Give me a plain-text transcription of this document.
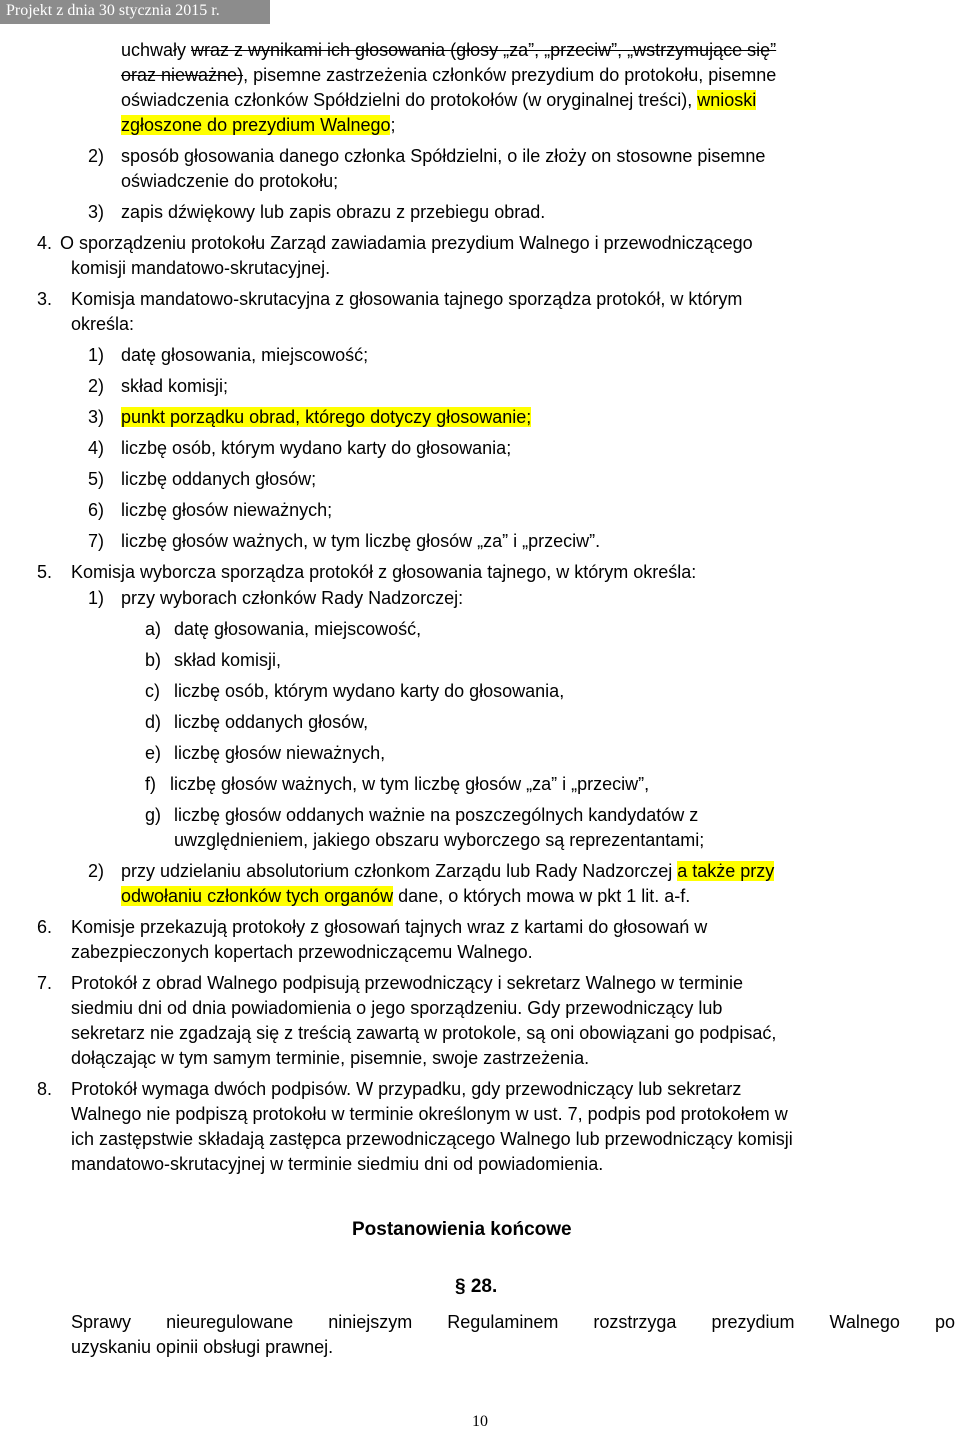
Projekt z dnia 30 stycznia 2015 r.
uchwały wraz z wynikami ich głosowania (głosy „za”, „przeciw”, „wstrzymujące się”
oraz nieważne), pisemne zastrzeżenia członków prezydium do protokołu, pisemne
oświadczenia członków Spółdzielni do protokołów (w oryginalnej treści), wnioski
zgłoszone do prezydium Walnego;
2) sposób głosowania danego członka Spółdzielni, o ile złoży on stosowne pisemne
oświadczenie do protokołu;
3) zapis dźwiękowy lub zapis obrazu z przebiegu obrad.
4. O sporządzeniu protokołu Zarząd zawiadamia prezydium Walnego i przewodniczącego
komisji mandatowo-skrutacyjnej.
3. Komisja mandatowo-skrutacyjna z głosowania tajnego sporządza protokół, w którym
określa:
1) datę głosowania, miejscowość;
2) skład komisji;
3) punkt porządku obrad, którego dotyczy głosowanie;
4) liczbę osób, którym wydano karty do głosowania;
5) liczbę oddanych głosów;
6) liczbę głosów nieważnych;
7) liczbę głosów ważnych, w tym liczbę głosów „za” i „przeciw”.
5. Komisja wyborcza sporządza protokół z głosowania tajnego, w którym określa:
1) przy wyborach członków Rady Nadzorczej:
a) datę głosowania, miejscowość,
b) skład komisji,
c) liczbę osób, którym wydano karty do głosowania,
d) liczbę oddanych głosów,
e) liczbę głosów nieważnych,
f) liczbę głosów ważnych, w tym liczbę głosów „za” i „przeciw”,
g) liczbę głosów oddanych ważnie na poszczególnych kandydatów z
uwzględnieniem, jakiego obszaru wyborczego są reprezentantami;
2) przy udzielaniu absolutorium członkom Zarządu lub Rady Nadzorczej a także przy
odwołaniu członków tych organów dane, o których mowa w pkt 1 lit. a-f.
6. Komisje przekazują protokoły z głosowań tajnych wraz z kartami do głosowań w
zabezpieczonych kopertach przewodniczącemu Walnego.
7. Protokół z obrad Walnego podpisują przewodniczący i sekretarz Walnego w terminie
siedmiu dni od dnia powiadomienia o jego sporządzeniu. Gdy przewodniczący lub
sekretarz nie zgadzają się z treścią zawartą w protokole, są oni obowiązani go podpisać,
dołączając w tym samym terminie, pisemnie, swoje zastrzeżenia.
8. Protokół wymaga dwóch podpisów. W przypadku, gdy przewodniczący lub sekretarz
Walnego nie podpiszą protokołu w terminie określonym w ust. 7, podpis pod protokołem w
ich zastępstwie składają zastępca przewodniczącego Walnego lub przewodniczący komisji
mandatowo-skrutacyjnej w terminie siedmiu dni od powiadomienia.
Postanowienia końcowe
§ 28.
Sprawy nieuregulowane niniejszym Regulaminem rozstrzyga prezydium Walnego po
uzyskaniu opinii obsługi prawnej.
10
